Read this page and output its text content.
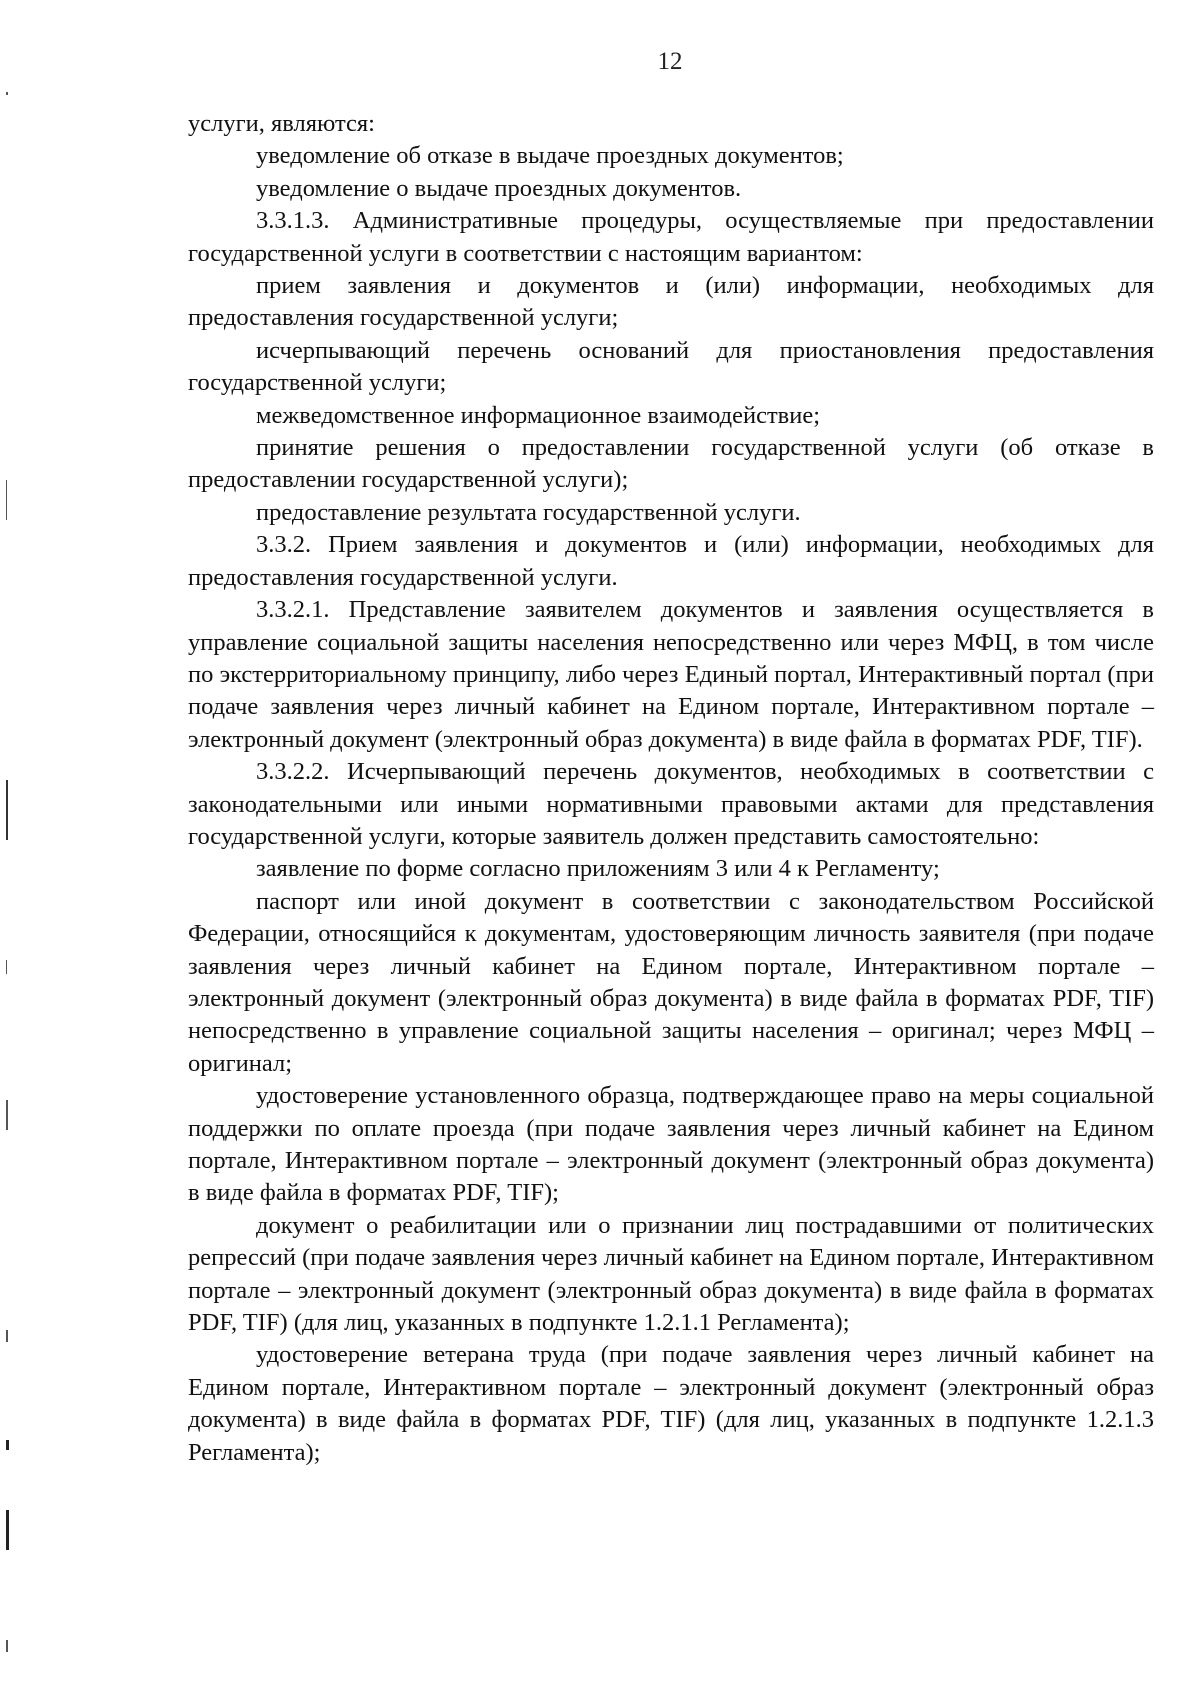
12

услуги, являются:

уведомление об отказе в выдаче проездных документов;

уведомление о выдаче проездных документов.

3.3.1.3. Административные процедуры, осуществляемые при предоставлении государственной услуги в соответствии с настоящим вариантом:

прием заявления и документов и (или) информации, необходимых для предоставления государственной услуги;

исчерпывающий перечень оснований для приостановления предоставления государственной услуги;

межведомственное информационное взаимодействие;

принятие решения о предоставлении государственной услуги (об отказе в предоставлении государственной услуги);

предоставление результата государственной услуги.

3.3.2. Прием заявления и документов и (или) информации, необходимых для предоставления государственной услуги.

3.3.2.1. Представление заявителем документов и заявления осуществляется в управление социальной защиты населения непосредственно или через МФЦ, в том числе по экстерриториальному принципу, либо через Единый портал, Интерактивный портал (при подаче заявления через личный кабинет на Едином портале, Интерактивном портале – электронный документ (электронный образ документа) в виде файла в форматах PDF, TIF).

3.3.2.2. Исчерпывающий перечень документов, необходимых в соответствии с законодательными или иными нормативными правовыми актами для представления государственной услуги, которые заявитель должен представить самостоятельно:

заявление по форме согласно приложениям 3 или 4 к Регламенту;

паспорт или иной документ в соответствии с законодательством Российской Федерации, относящийся к документам, удостоверяющим личность заявителя (при подаче заявления через личный кабинет на Едином портале, Интерактивном портале – электронный документ (электронный образ документа) в виде файла в форматах PDF, TIF) непосредственно в управление социальной защиты населения – оригинал; через МФЦ – оригинал;

удостоверение установленного образца, подтверждающее право на меры социальной поддержки по оплате проезда (при подаче заявления через личный кабинет на Едином портале, Интерактивном портале – электронный документ (электронный образ документа) в виде файла в форматах PDF, TIF);

документ о реабилитации или о признании лиц пострадавшими от политических репрессий (при подаче заявления через личный кабинет на Едином портале, Интерактивном портале – электронный документ (электронный образ документа) в виде файла в форматах PDF, TIF) (для лиц, указанных в подпункте 1.2.1.1 Регламента);

удостоверение ветерана труда (при подаче заявления через личный кабинет на Едином портале, Интерактивном портале – электронный документ (электронный образ документа) в виде файла в форматах PDF, TIF) (для лиц, указанных в подпункте 1.2.1.3 Регламента);
